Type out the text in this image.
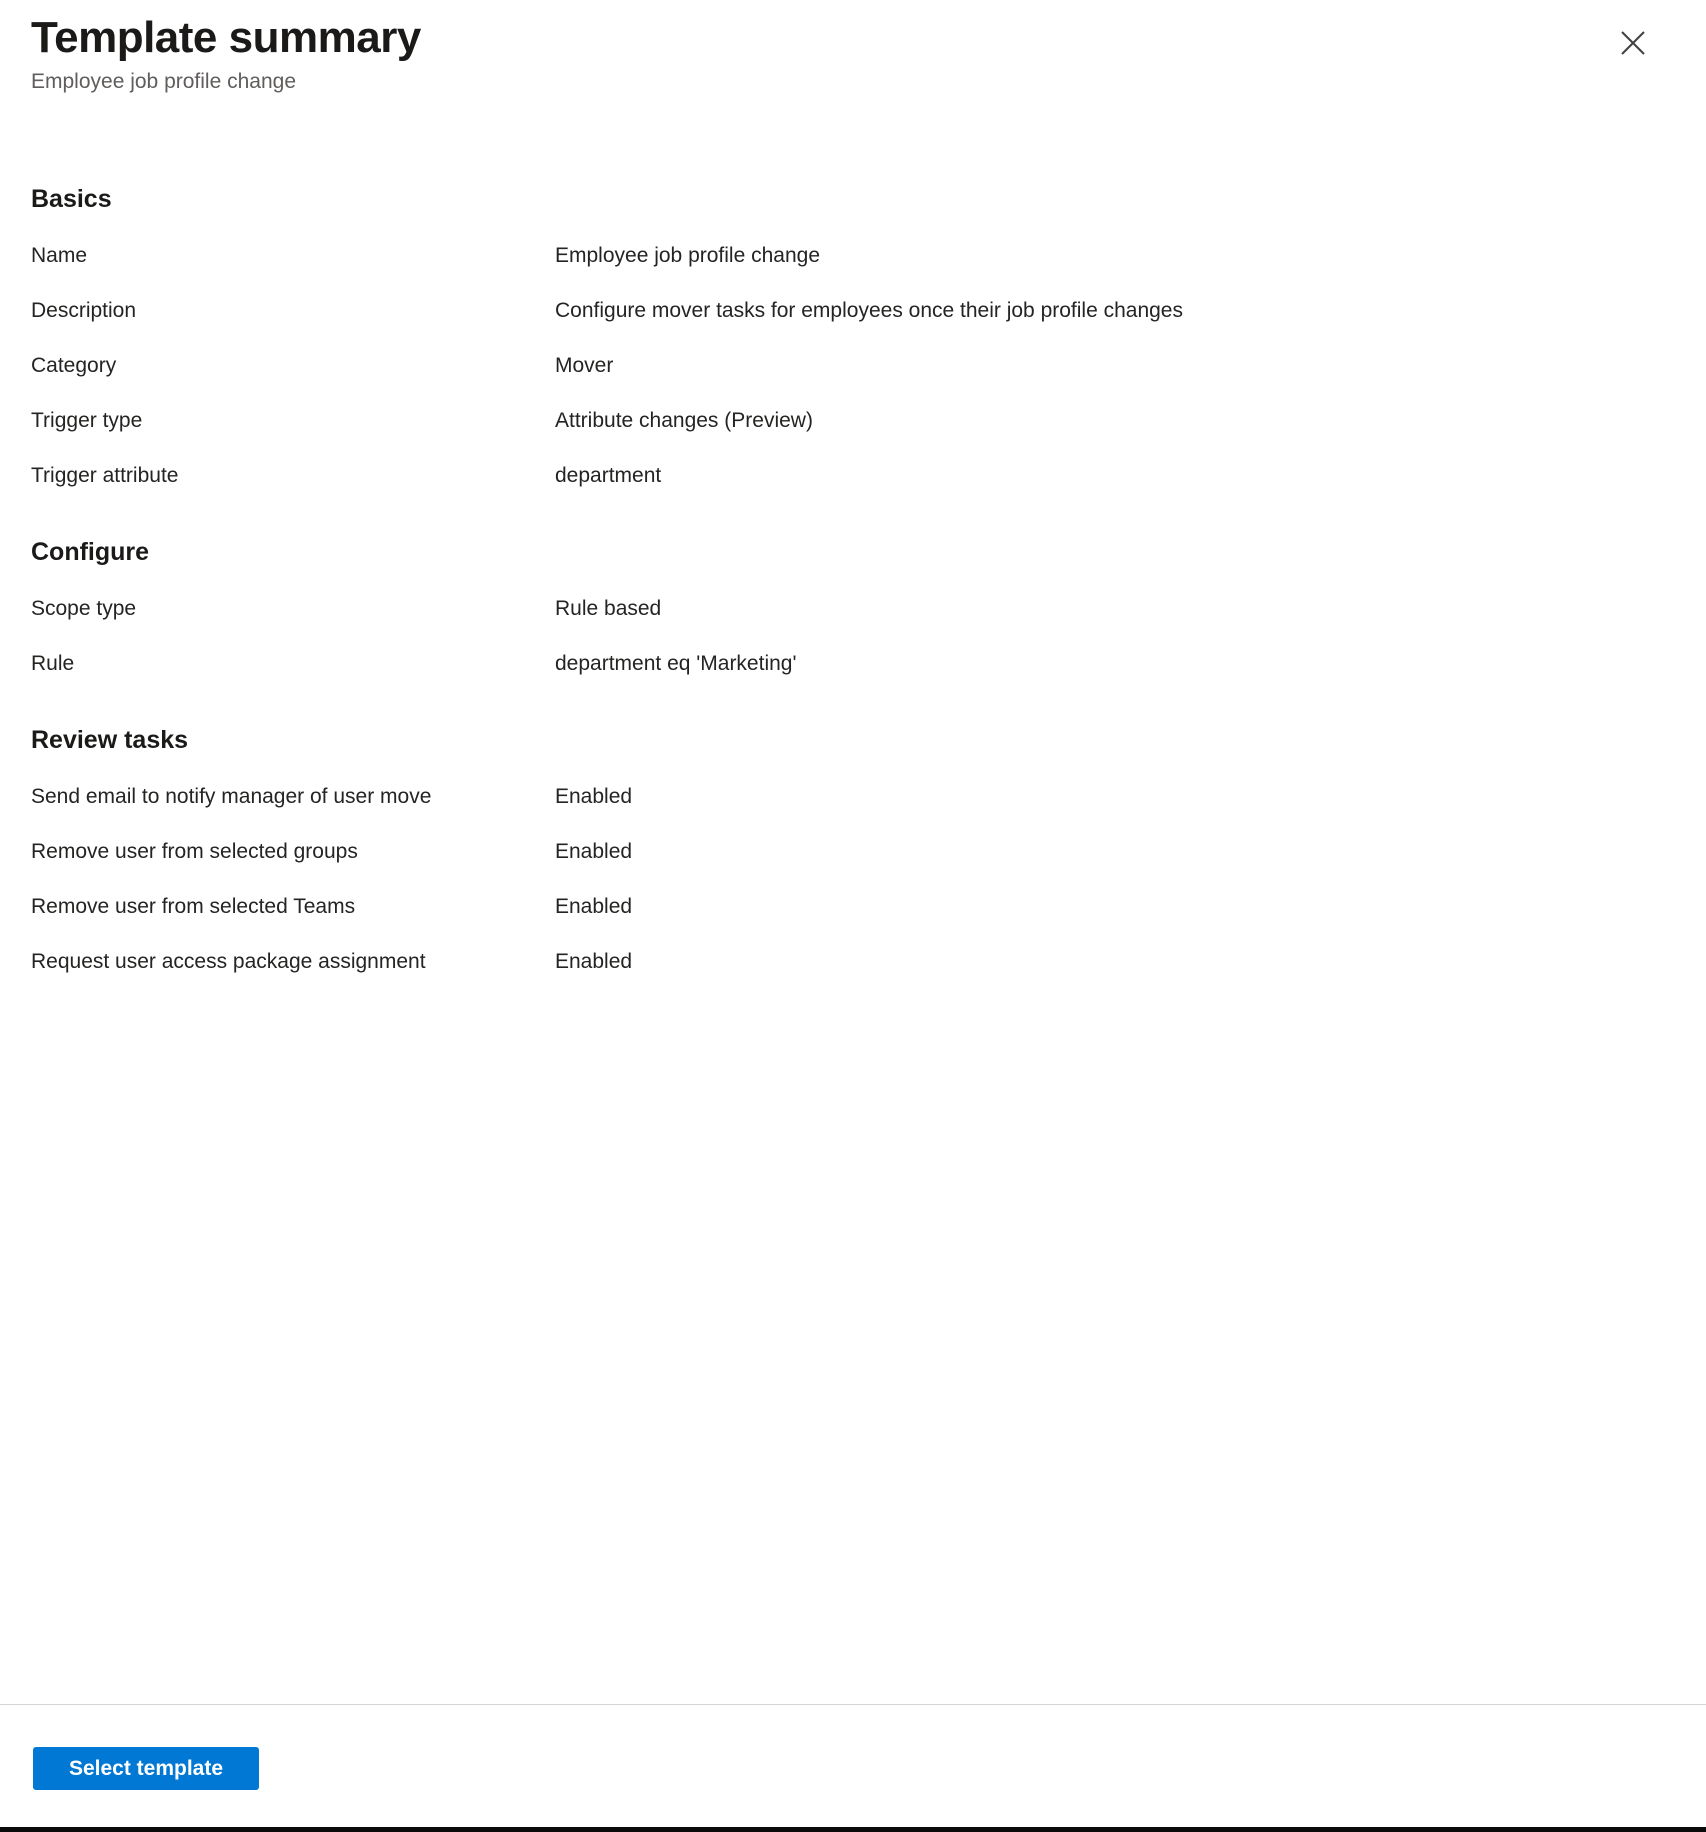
Template summary
Employee job profile change
Basics
Name	Employee job profile change
Description	Configure mover tasks for employees once their job profile changes
Category	Mover
Trigger type	Attribute changes (Preview)
Trigger attribute	department
Configure
Scope type	Rule based
Rule	department eq 'Marketing'
Review tasks
Send email to notify manager of user move	Enabled
Remove user from selected groups	Enabled
Remove user from selected Teams	Enabled
Request user access package assignment	Enabled
Select template
